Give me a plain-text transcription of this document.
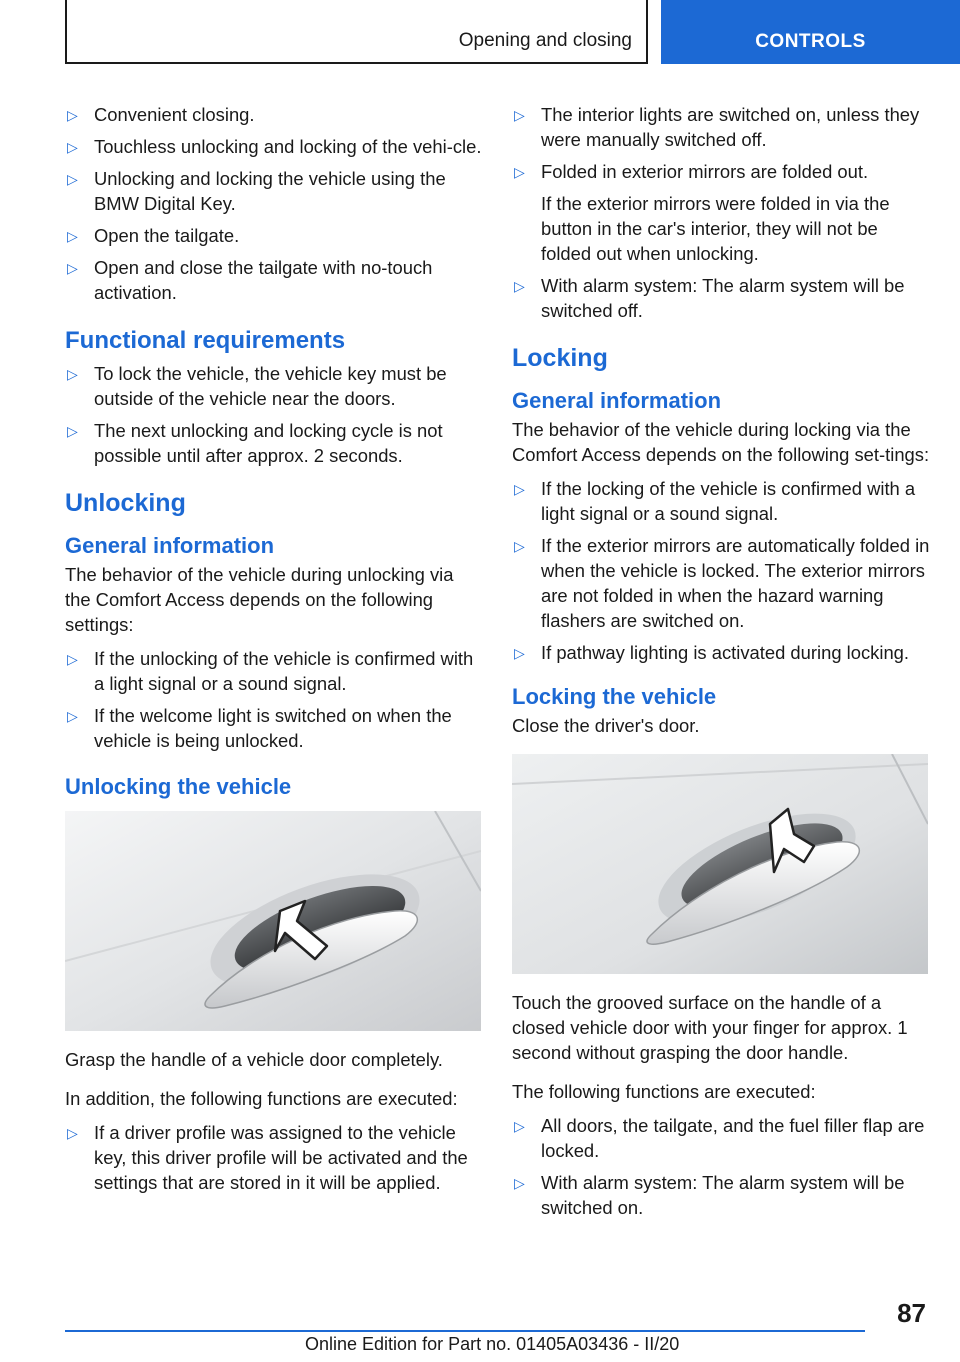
Opening and closing	CONTROLS
▷ Convenient closing.
▷ Touchless unlocking and locking of the vehi-cle.
▷ Unlocking and locking the vehicle using the BMW Digital Key.
▷ Open the tailgate.
▷ Open and close the tailgate with no-touch activation.
Functional requirements
▷ To lock the vehicle, the vehicle key must be outside of the vehicle near the doors.
▷ The next unlocking and locking cycle is not possible until after approx. 2 seconds.
Unlocking
General information

The behavior of the vehicle during unlocking via the Comfort Access depends on the following settings:

▷ If the unlocking of the vehicle is confirmed with a light signal or a sound signal.
▷ If the welcome light is switched on when the vehicle is being unlocked.
Unlocking the vehicle

Grasp the handle of a vehicle door completely.

In addition, the following functions are executed:

▷ If a driver profile was assigned to the vehicle key, this driver profile will be activated and the settings that are stored in it will be applied.
▷ The interior lights are switched on, unless they were manually switched off.
▷ Folded in exterior mirrors are folded out.
If the exterior mirrors were folded in via the button in the car's interior, they will not be folded out when unlocking.
▷ With alarm system: The alarm system will be switched off.
Locking
General information

The behavior of the vehicle during locking via the Comfort Access depends on the following set-tings:

▷ If the locking of the vehicle is confirmed with a light signal or a sound signal.
▷ If the exterior mirrors are automatically folded in when the vehicle is locked. The exterior mirrors are not folded in when the hazard warning flashers are switched on.
▷ If pathway lighting is activated during locking.
Locking the vehicle

Close the driver's door.

Touch the grooved surface on the handle of a closed vehicle door with your finger for approx. 1 second without grasping the door handle.

The following functions are executed:

▷ All doors, the tailgate, and the fuel filler flap are locked.
▷ With alarm system: The alarm system will be switched on.
87
Online Edition for Part no. 01405A03436 - II/20
